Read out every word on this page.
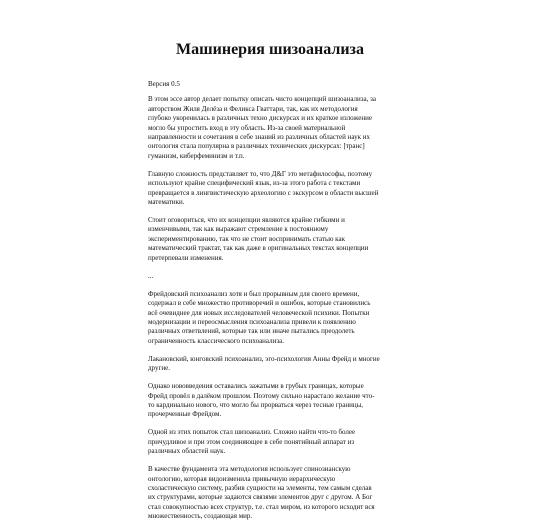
Машинерия шизоанализа

Версия 0.5

В этом эссе автор делает попытку описать чисто концепций шизоанализа, за авторством Жиля Делёза и Феликса Гваттари, так, как их методология глубоко укоренилась в различных техно дискурсах и их краткое изложение могло бы упростить вход в эту область. Из-за своей материальной направленности и сочетания в себе знаний из различных областей наук их онтология стала популярна в различных технических дискурсах: [транс] гуманизм, киберфеминизм и т.п.

Главную сложность представляет то, что Д&Г это метафилософы, поэтому используют крайне специфический язык, из-за этого работа с текстами превращается в лингвистическую археологию с экскурсом в области высшей математики.

Стоит оговориться, что их концепции являются крайне гибкими и изменчивыми, так как выражают стремление к постоянному экспериментированию, так что не стоит воспринимать статью как математический трактат, так как даже в оригинальных текстах концепции претерпевали изменения.

...

Фрейдовский психоанализ хотя и был прорывным для своего времени, содержал в себе множество противоречий и ошибок, которые становились всё очевиднее для новых исследователей человеческой психики. Попытки модернизации и переосмысления психоанализа привели к появлению различных ответвлений, которые так или иначе пытались преодолеть ограниченность классического психоанализа.

Лакановский, юнговский психоанализ, эго-психология Анны Фрейд и многие другие.

Однако нововведения оставались зажатыми в грубых границах, которые Фрейд провёл в далёком прошлом. Поэтому сильно нарастало желание что-то кардинально нового, что могло бы прорваться через тесные границы, прочерченные Фрейдом.

Одной из этих попыток стал шизоанализ. Сложно найти что-то более причудливое и при этом соединяющее в себе понятийный аппарат из различных областей наук.

В качестве фундамента эта методология использует спинозианскую онтологию, которая видоизменила привычную иерархическую схоластическую систему, разбив сущности на элементы, тем самым сделав их структурами, которые задаются связями элементов друг с другом. А Бог стал совокупностью всех структур, т.е. стал миром, из которого исходит вся множественность, создающая мир.
